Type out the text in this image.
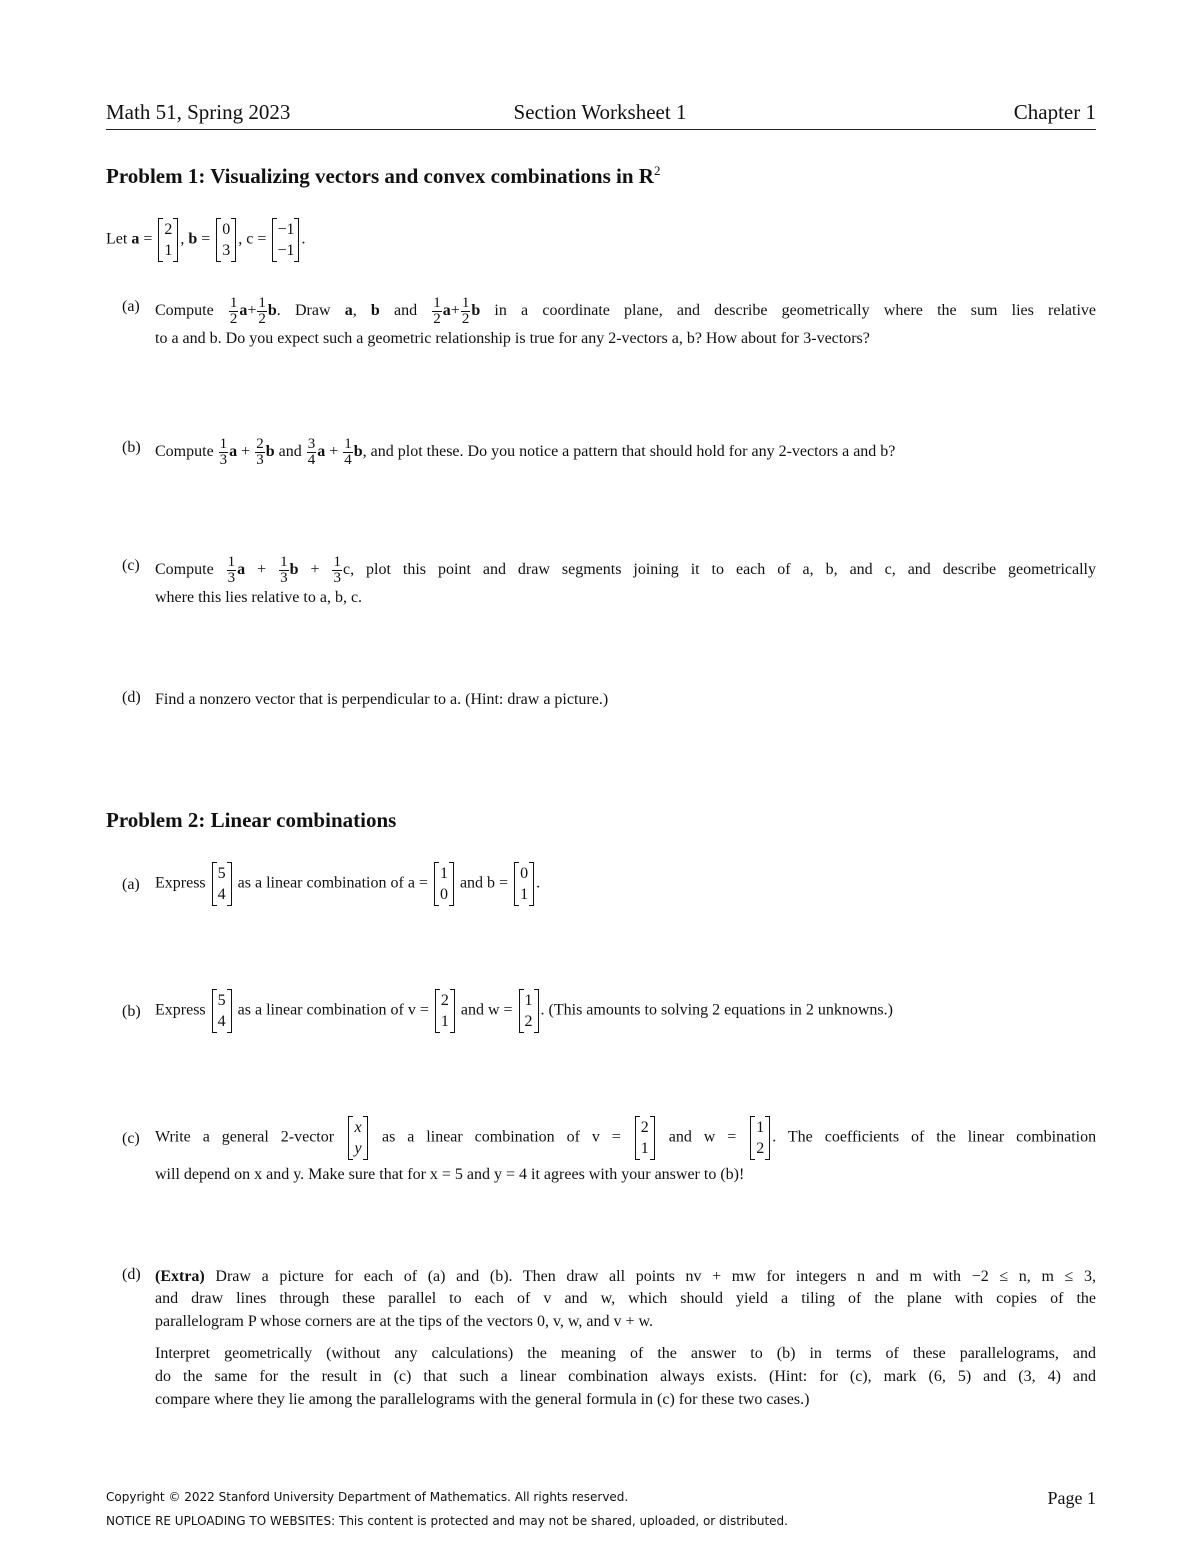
Math 51, Spring 2023	Section Worksheet 1	Chapter 1
Problem 1: Visualizing vectors and convex combinations in $R^2$
Let a =
2
1
, b =
0
3
, c =
−1
−1
.
(a) Compute $\frac{1}{2} a+ \frac{1}{2} b$. Draw a, b and $\frac{1}{2} a+ \frac{1}{2}$ b in a coordinate plane, and describe geometrically where the sum lies relative
to a and b. Do you expect such a geometric relationship is true for any 2-vectors a, b? How about for 3-vectors?
(b) Compute $\frac{1}{3}$ $a + \frac{2}{3}$ b and $\frac{3}{4}$ $a + \frac{1}{4} b$, and plot these. Do you notice a pattern that should hold for any 2-vectors a and b?
(c) Compute $\frac{1}{3}$ $a + \frac{1}{3}$ $b + \frac{1}{3} c$, plot this point and draw segments joining it to each of a, b, and c, and describe geometrically
where this lies relative to a, b, c.
(d) Find a nonzero vector that is perpendicular to a. (Hint: draw a picture.)
Problem 2: Linear combinations
(a) Express
5
4
as a linear combination of a =
1
0
and b =
0
1
.
(b) Express
5
4
as a linear combination of v =
2
1
and w =
1
2
. (This amounts to solving 2 equations in 2 unknowns.)
(c) Write a general 2-vector
x
y
as a linear combination of v =
2
1
and w =
1
2
. The coefficients of the linear combination
will depend on x and y. Make sure that for x = 5 and y = 4 it agrees with your answer to (b)!
(d) (Extra) Draw a picture for each of (a) and (b). Then draw all points nv + mw for integers n and m with −2 ≤ n, m ≤ 3,
and draw lines through these parallel to each of v and w, which should yield a tiling of the plane with copies of the
parallelogram P whose corners are at the tips of the vectors 0, v, w, and v + w.
Interpret geometrically (without any calculations) the meaning of the answer to (b) in terms of these parallelograms, and
do the same for the result in (c) that such a linear combination always exists. (Hint: for (c), mark (6, 5) and (3, 4) and
compare where they lie among the parallelograms with the general formula in (c) for these two cases.)
Copyright © 2022 Stanford University Department of Mathematics. All rights reserved.	Page 1
NOTICE RE UPLOADING TO WEBSITES: This content is protected and may not be shared, uploaded, or distributed.
